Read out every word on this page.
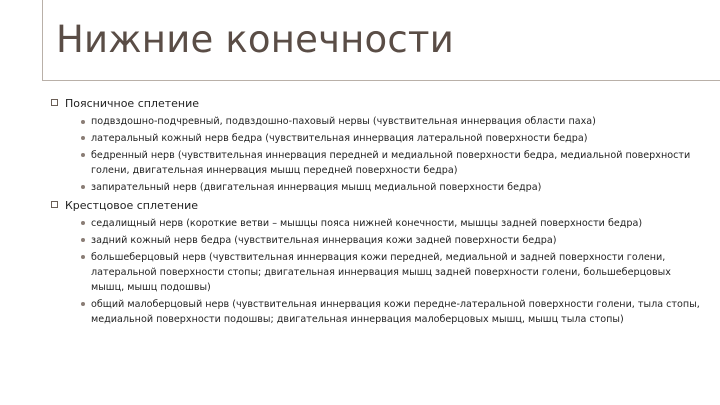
Нижние конечности
Поясничное сплетение
подвздошно-подчревный, подвздошно-паховый нервы (чувствительная иннервация области паха)
латеральный кожный нерв бедра (чувствительная иннервация латеральной поверхности бедра)
бедренный нерв (чувствительная иннервация передней и медиальной поверхности бедра, медиальной поверхности голени, двигательная иннервация мышц передней поверхности бедра)
запирательный нерв (двигательная иннервация мышц медиальной поверхности бедра)
Крестцовое сплетение
седалищный нерв (короткие ветви – мышцы пояса нижней конечности, мышцы задней поверхности бедра)
задний кожный нерв бедра (чувствительная иннервация кожи задней поверхности бедра)
большеберцовый нерв (чувствительная иннервация кожи передней, медиальной и задней поверхности голени, латеральной поверхности стопы; двигательная иннервация мышц задней поверхности голени, большеберцовых мышц, мышц подошвы)
общий малоберцовый нерв (чувствительная иннервация кожи передне-латеральной поверхности голени, тыла стопы, медиальной поверхности подошвы; двигательная иннервация малоберцовых мышц, мышц тыла стопы)
